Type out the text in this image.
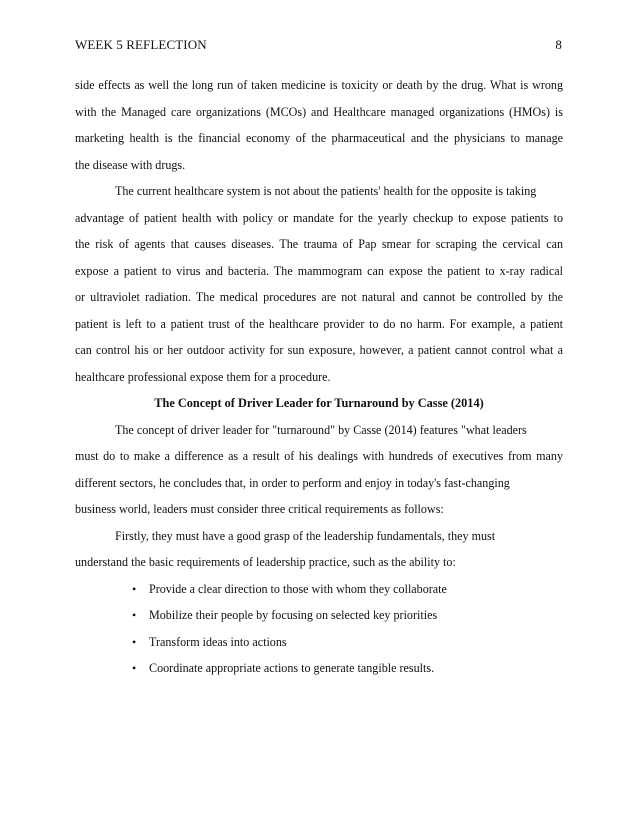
WEEK 5 REFLECTION	8
side effects as well the long run of taken medicine is toxicity or death by the drug. What is wrong
with the Managed care organizations (MCOs) and Healthcare managed organizations (HMOs) is
marketing health is the financial economy of the pharmaceutical and the physicians to manage
the disease with drugs.
The current healthcare system is not about the patients' health for the opposite is taking
advantage of patient health with policy or mandate for the yearly checkup to expose patients to
the risk of agents that causes diseases. The trauma of Pap smear for scraping the cervical can
expose a patient to virus and bacteria. The mammogram can expose the patient to x-ray radical
or ultraviolet radiation. The medical procedures are not natural and cannot be controlled by the
patient is left to a patient trust of the healthcare provider to do no harm. For example, a patient
can control his or her outdoor activity for sun exposure, however, a patient cannot control what a
healthcare professional expose them for a procedure.
The Concept of Driver Leader for Turnaround by Casse (2014)
The concept of driver leader for "turnaround" by Casse (2014) features "what leaders
must do to make a difference as a result of his dealings with hundreds of executives from many
different sectors, he concludes that, in order to perform and enjoy in today's fast-changing
business world, leaders must consider three critical requirements as follows:
Firstly, they must have a good grasp of the leadership fundamentals, they must
understand the basic requirements of leadership practice, such as the ability to:
• Provide a clear direction to those with whom they collaborate
• Mobilize their people by focusing on selected key priorities
• Transform ideas into actions
• Coordinate appropriate actions to generate tangible results.
